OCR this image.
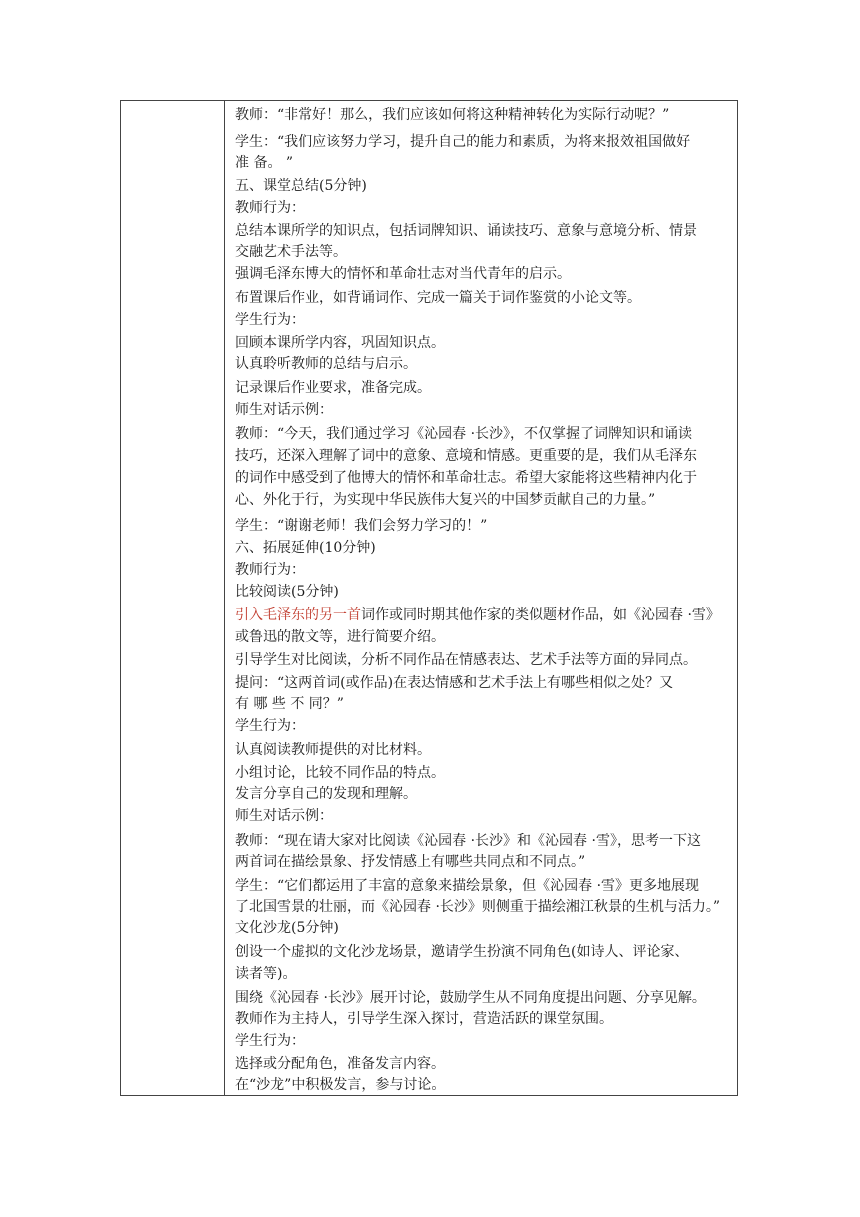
教师：“非常好！那么，我们应该如何将这种精神转化为实际行动呢？”
学生：“我们应该努力学习，提升自己的能力和素质，为将来报效祖国做好
准 备。 ”
五、课堂总结(5分钟)
教师行为：
总结本课所学的知识点，包括词牌知识、诵读技巧、意象与意境分析、情景
交融艺术手法等。
强调毛泽东博大的情怀和革命壮志对当代青年的启示。
布置课后作业，如背诵词作、完成一篇关于词作鉴赏的小论文等。
学生行为：
回顾本课所学内容，巩固知识点。
认真聆听教师的总结与启示。
记录课后作业要求，准备完成。
师生对话示例：
教师：“今天，我们通过学习《沁园春 ·长沙》，不仅掌握了词牌知识和诵读
技巧，还深入理解了词中的意象、意境和情感。更重要的是，我们从毛泽东
的词作中感受到了他博大的情怀和革命壮志。希望大家能将这些精神内化于
心、外化于行，为实现中华民族伟大复兴的中国梦贡献自己的力量。”
学生：“谢谢老师！我们会努力学习的！”
六、拓展延伸(10分钟)
教师行为：
比较阅读(5分钟)
引入毛泽东的另一首词作或同时期其他作家的类似题材作品，如《沁园春 ·雪》
或鲁迅的散文等，进行简要介绍。
引导学生对比阅读，分析不同作品在情感表达、艺术手法等方面的异同点。
提问：“这两首词(或作品)在表达情感和艺术手法上有哪些相似之处？又
有 哪 些 不 同？”
学生行为：
认真阅读教师提供的对比材料。
小组讨论，比较不同作品的特点。
发言分享自己的发现和理解。
师生对话示例：
教师：“现在请大家对比阅读《沁园春 ·长沙》和《沁园春 ·雪》，思考一下这
两首词在描绘景象、抒发情感上有哪些共同点和不同点。”
学生：“它们都运用了丰富的意象来描绘景象，但《沁园春 ·雪》更多地展现
了北国雪景的壮丽，而《沁园春 ·长沙》则侧重于描绘湘江秋景的生机与活力。”
文化沙龙(5分钟)
创设一个虚拟的文化沙龙场景，邀请学生扮演不同角色(如诗人、评论家、
读者等)。
围绕《沁园春 ·长沙》展开讨论，鼓励学生从不同角度提出问题、分享见解。
教师作为主持人，引导学生深入探讨，营造活跃的课堂氛围。
学生行为：
选择或分配角色，准备发言内容。
在“沙龙”中积极发言，参与讨论。
